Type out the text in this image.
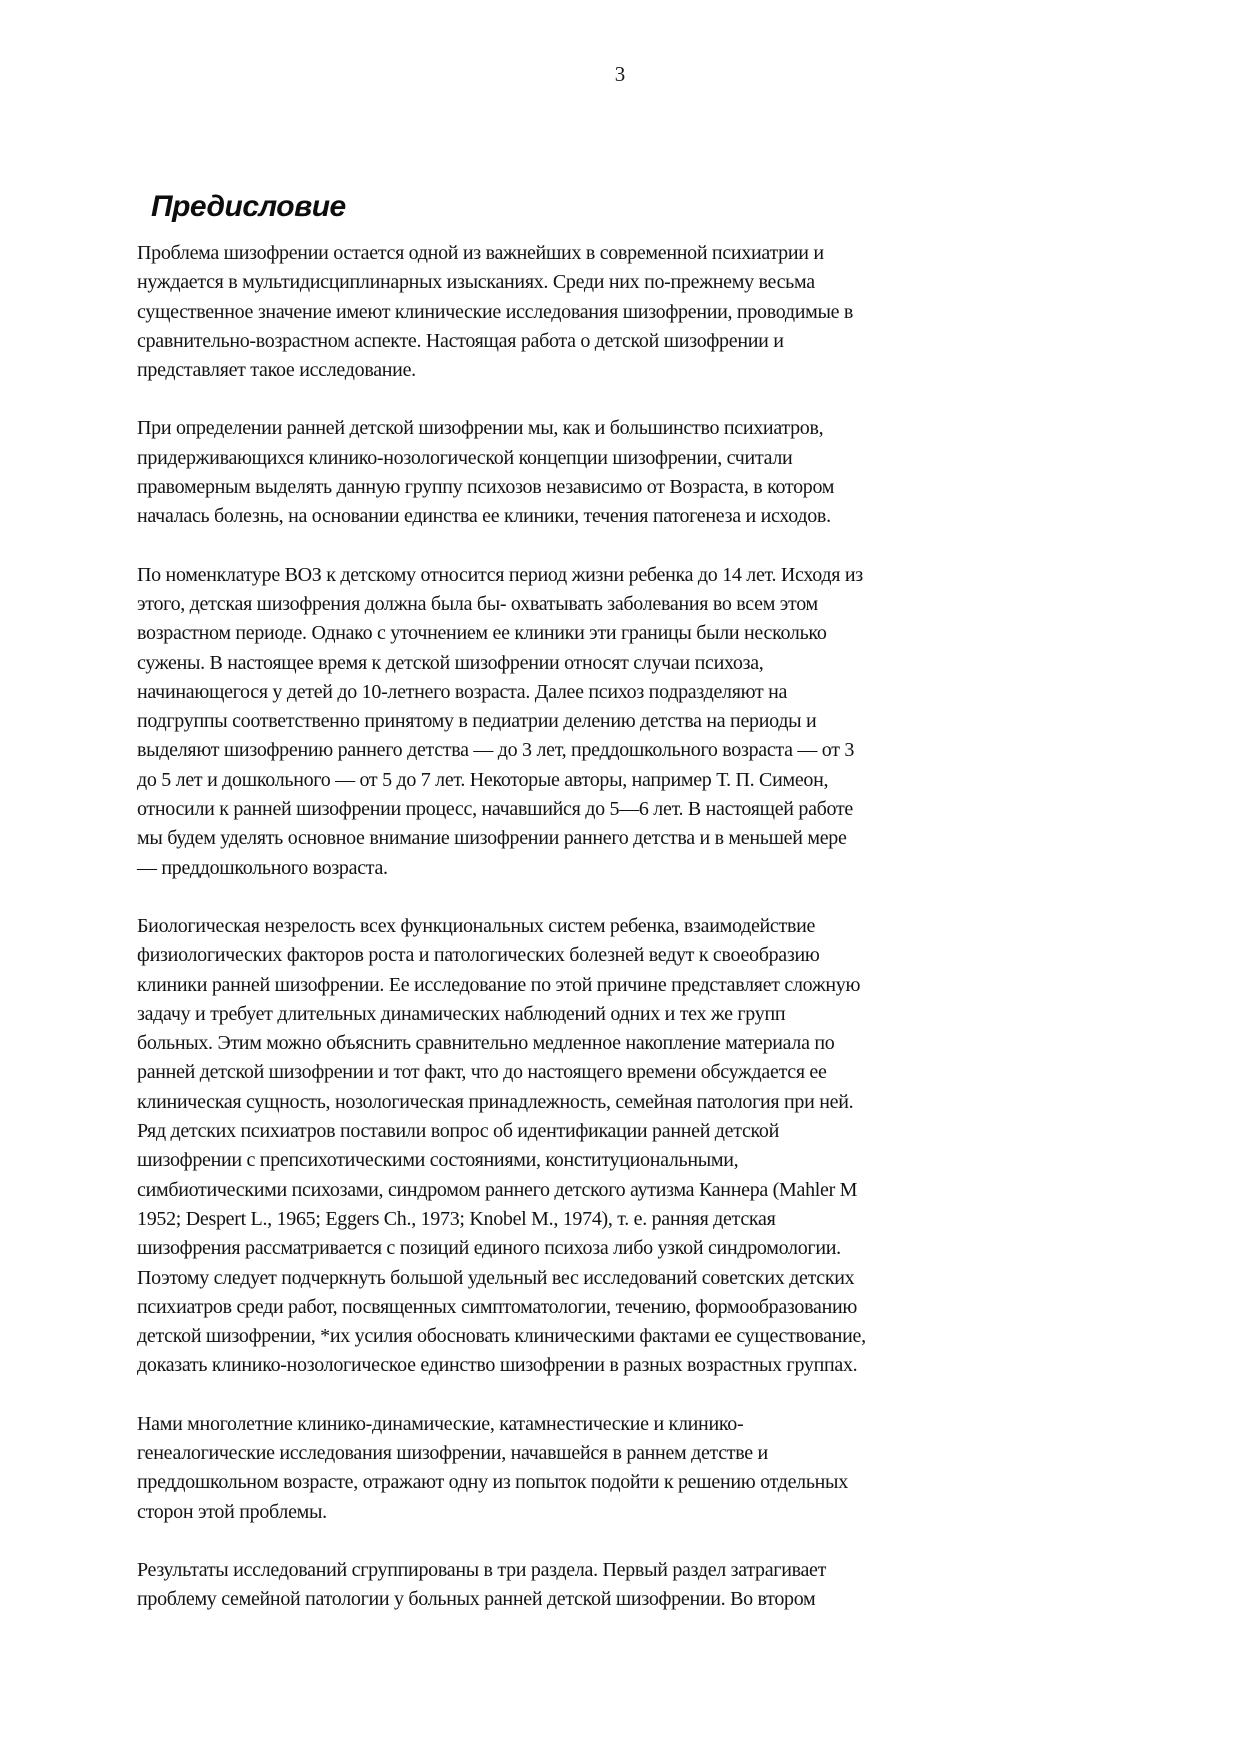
3
Предисловие

Проблема шизофрении остается одной из важнейших в современной психиатрии и
нуждается в мультидисциплинарных изысканиях. Среди них по-прежнему весьма
существенное значение имеют клинические исследования шизофрении, проводимые в
сравнительно-возрастном аспекте. Настоящая работа о детской шизофрении и
представляет такое исследование.

При определении ранней детской шизофрении мы, как и большинство психиатров,
придерживающихся клинико-нозологической концепции шизофрении, считали
правомерным выделять данную группу психозов независимо от Возраста, в котором
началась болезнь, на основании единства ее клиники, течения патогенеза и исходов.

По номенклатуре ВОЗ к детскому относится период жизни ребенка до 14 лет. Исходя из
этого, детская шизофрения должна была бы- охватывать заболевания во всем этом
возрастном периоде. Однако с уточнением ее клиники эти границы были несколько
сужены. В настоящее время к детской шизофрении относят случаи психоза,
начинающегося у детей до 10-летнего возраста. Далее психоз подразделяют на
подгруппы соответственно принятому в педиатрии делению детства на периоды и
выделяют шизофрению раннего детства — до 3 лет, преддошкольного возраста — от 3
до 5 лет и дошкольного — от 5 до 7 лет. Некоторые авторы, например Т. П. Симеон,
относили к ранней шизофрении процесс, начавшийся до 5—6 лет. В настоящей работе
мы будем уделять основное внимание шизофрении раннего детства и в меньшей мере
— преддошкольного возраста.

Биологическая незрелость всех функциональных систем ребенка, взаимодействие
физиологических факторов роста и патологических болезней ведут к своеобразию
клиники ранней шизофрении. Ее исследование по этой причине представляет сложную
задачу и требует длительных динамических наблюдений одних и тех же групп
больных. Этим можно объяснить сравнительно медленное накопление материала по
ранней детской шизофрении и тот факт, что до настоящего времени обсуждается ее
клиническая сущность, нозологическая принадлежность, семейная патология при ней.
Ряд детских психиатров поставили вопрос об идентификации ранней детской
шизофрении с препсихотическими состояниями, конституциональными,
симбиотическими психозами, синдромом раннего детского аутизма Каннера (Mahler M
1952; Despert L., 1965; Eggers Ch., 1973; Knobel M., 1974), т. е. ранняя детская
шизофрения рассматривается с позиций единого психоза либо узкой синдромологии.
Поэтому следует подчеркнуть большой удельный вес исследований советских детских
психиатров среди работ, посвященных симптоматологии, течению, формообразованию
детской шизофрении, *их усилия обосновать клиническими фактами ее существование,
доказать клинико-нозологическое единство шизофрении в разных возрастных группах.

Нами многолетние клинико-динамические, катамнестические и клинико-
генеалогические исследования шизофрении, начавшейся в раннем детстве и
преддошкольном возрасте, отражают одну из попыток подойти к решению отдельных
сторон этой проблемы.

Результаты исследований сгруппированы в три раздела. Первый раздел затрагивает
проблему семейной патологии у больных ранней детской шизофрении. Во втором
